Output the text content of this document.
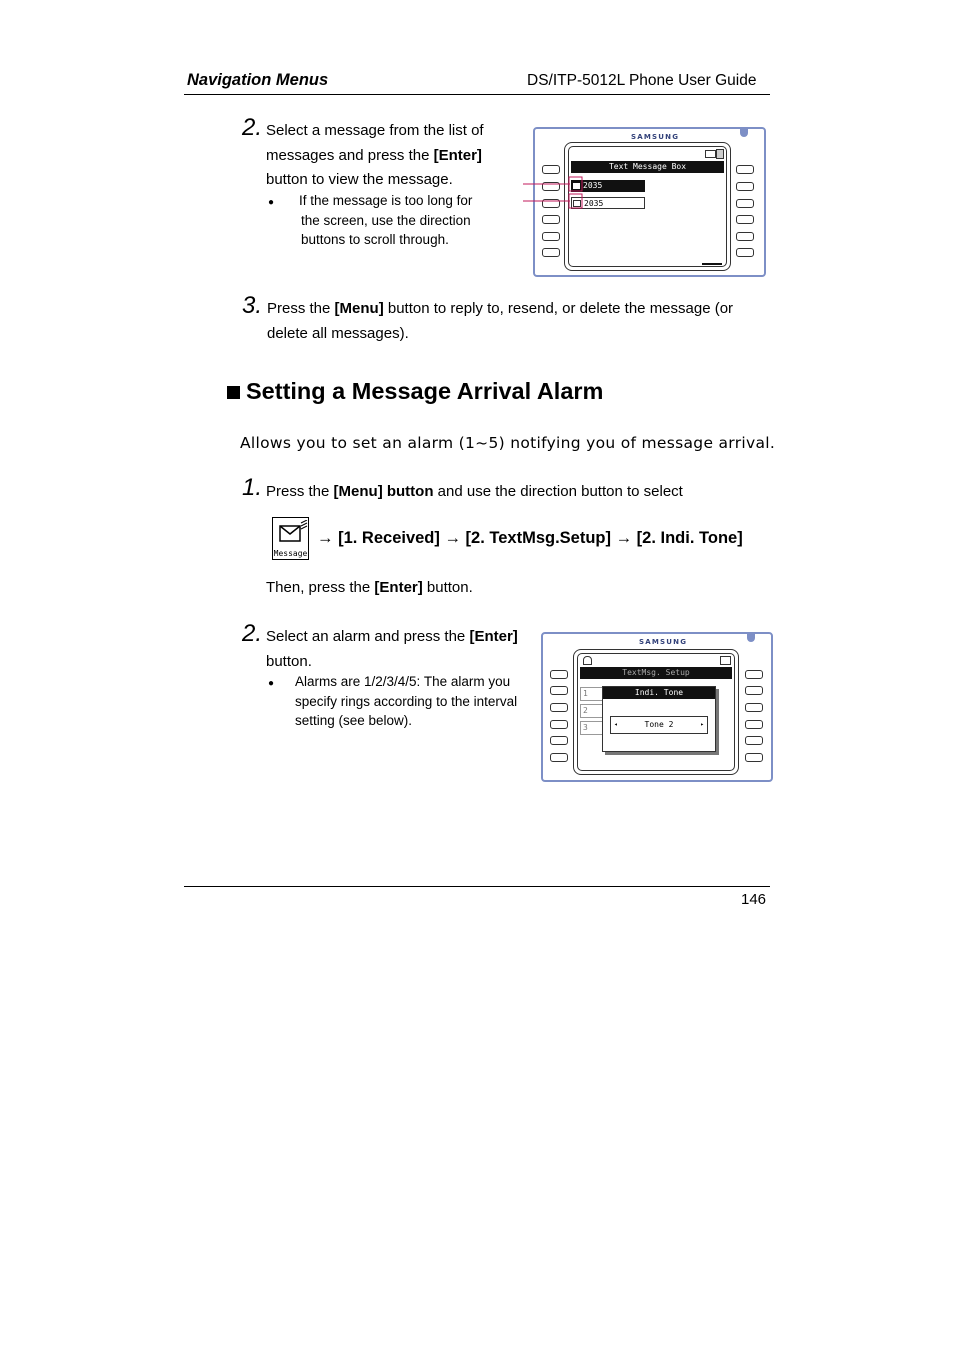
Navigation Menus	DS/ITP-5012L Phone User Guide
2. Select a message from the list of
messages and press the [Enter]
button to view the message.
● If the message is too long for
the screen, use the direction
buttons to scroll through.
SAMSUNG
Text Message Box
2035
2035
3. Press the [Menu] button to reply to, resend, or delete the message (or
delete all messages).
Setting a Message Arrival Alarm
Allows you to set an alarm (1~5) notifying you of message arrival.
1. Press the [Menu] button and use the direction button to select
Message
→ [1. Received] → [2. TextMsg.Setup] → [2. Indi. Tone]
Then, press the [Enter] button.
2. Select an alarm and press the [Enter]
button.
● Alarms are 1/2/3/4/5: The alarm you
specify rings according to the interval
setting (see below).
SAMSUNG
TextMsg. Setup
1
2
3
Indi. Tone
◂	Tone 2	▸
146
